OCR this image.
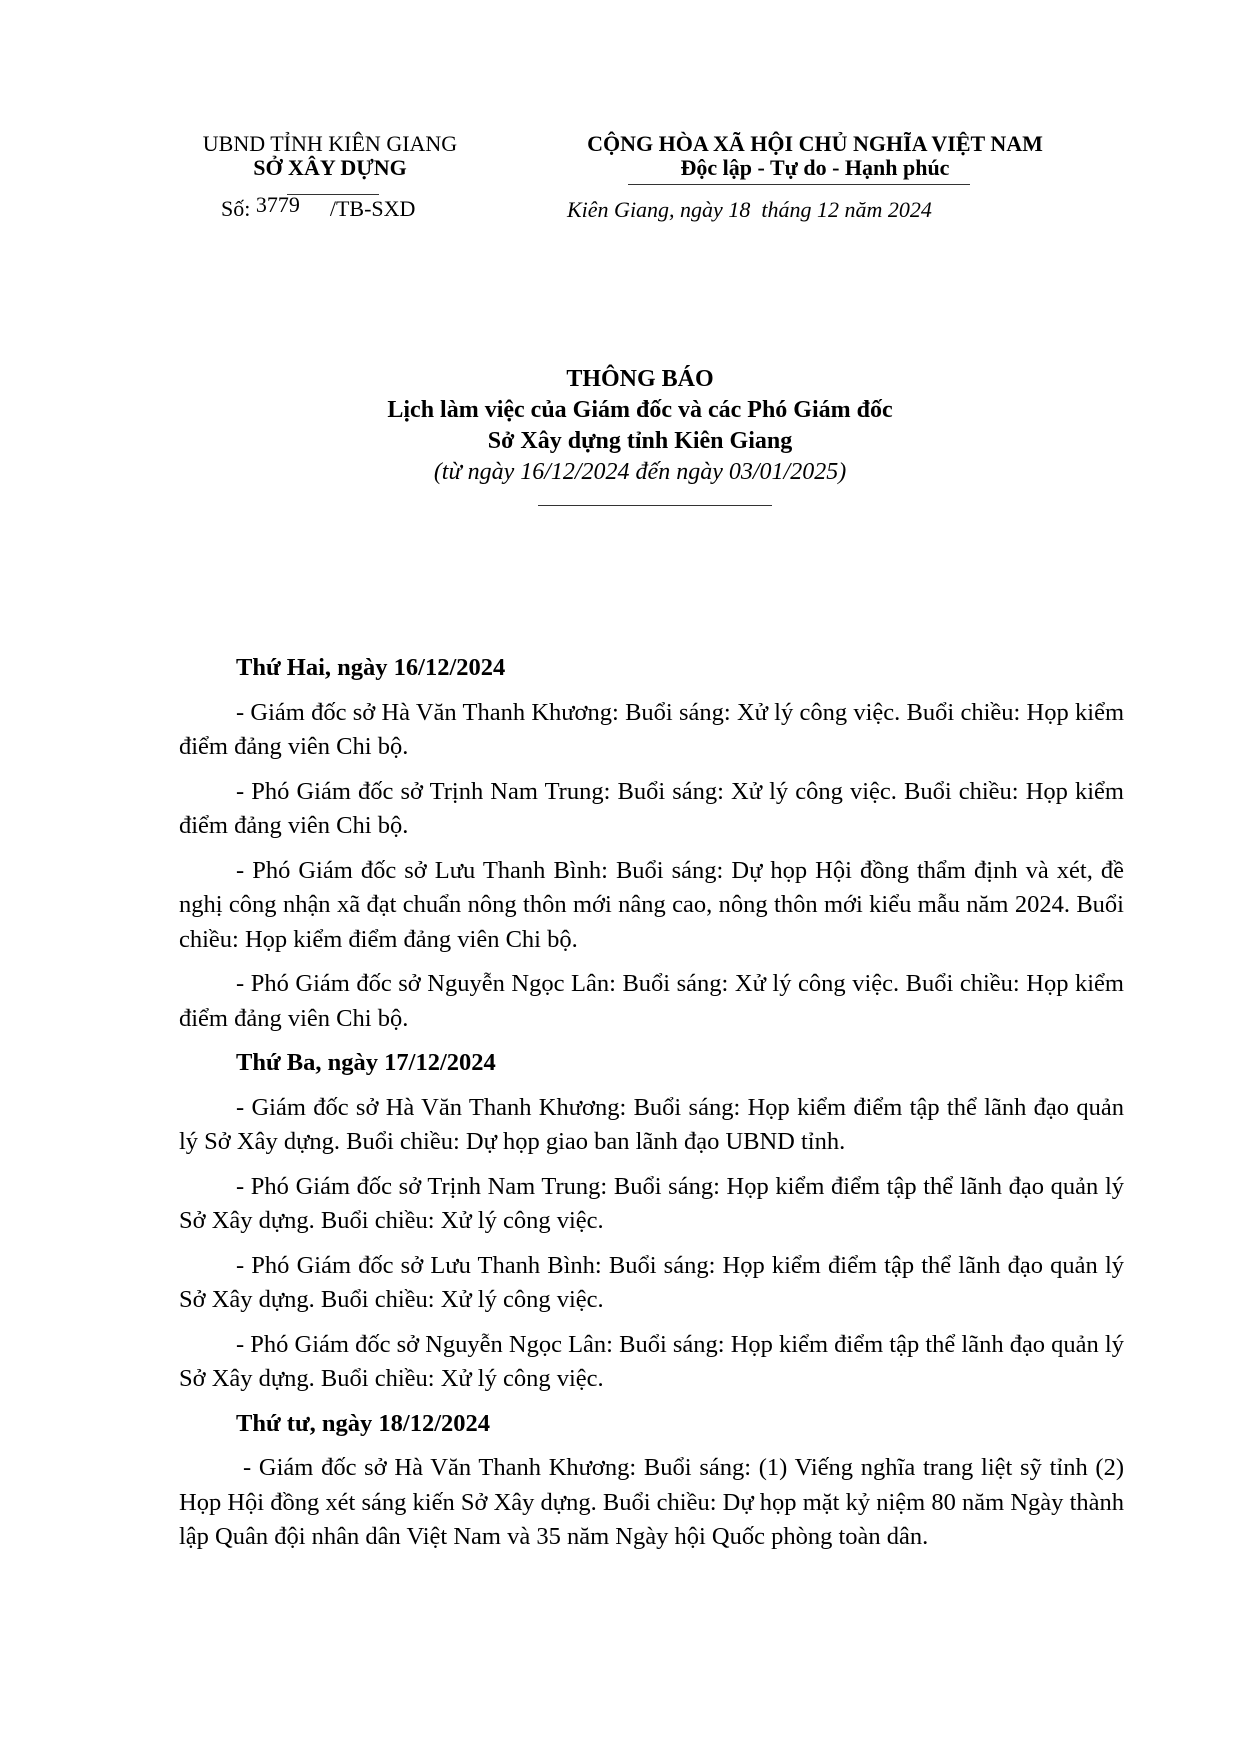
UBND TỈNH KIÊN GIANG
SỞ XÂY DỰNG
Số: 3779 /TB-SXD
CỘNG HÒA XÃ HỘI CHỦ NGHĨA VIỆT NAM
Độc lập - Tự do - Hạnh phúc
Kiên Giang, ngày 18 tháng 12 năm 2024
THÔNG BÁO
Lịch làm việc của Giám đốc và các Phó Giám đốc
Sở Xây dựng tỉnh Kiên Giang
(từ ngày 16/12/2024 đến ngày 03/01/2025)

Thứ Hai, ngày 16/12/2024

- Giám đốc sở Hà Văn Thanh Khương: Buổi sáng: Xử lý công việc. Buổi chiều: Họp kiểm điểm đảng viên Chi bộ.

- Phó Giám đốc sở Trịnh Nam Trung: Buổi sáng: Xử lý công việc. Buổi chiều: Họp kiểm điểm đảng viên Chi bộ.

- Phó Giám đốc sở Lưu Thanh Bình: Buổi sáng: Dự họp Hội đồng thẩm định và xét, đề nghị công nhận xã đạt chuẩn nông thôn mới nâng cao, nông thôn mới kiểu mẫu năm 2024. Buổi chiều: Họp kiểm điểm đảng viên Chi bộ.

- Phó Giám đốc sở Nguyễn Ngọc Lân: Buổi sáng: Xử lý công việc. Buổi chiều: Họp kiểm điểm đảng viên Chi bộ.

Thứ Ba, ngày 17/12/2024

- Giám đốc sở Hà Văn Thanh Khương: Buổi sáng: Họp kiểm điểm tập thể lãnh đạo quản lý Sở Xây dựng. Buổi chiều: Dự họp giao ban lãnh đạo UBND tỉnh.

- Phó Giám đốc sở Trịnh Nam Trung: Buổi sáng: Họp kiểm điểm tập thể lãnh đạo quản lý Sở Xây dựng. Buổi chiều: Xử lý công việc.

- Phó Giám đốc sở Lưu Thanh Bình: Buổi sáng: Họp kiểm điểm tập thể lãnh đạo quản lý Sở Xây dựng. Buổi chiều: Xử lý công việc.

- Phó Giám đốc sở Nguyễn Ngọc Lân: Buổi sáng: Họp kiểm điểm tập thể lãnh đạo quản lý Sở Xây dựng. Buổi chiều: Xử lý công việc.

Thứ tư, ngày 18/12/2024

- Giám đốc sở Hà Văn Thanh Khương: Buổi sáng: (1) Viếng nghĩa trang liệt sỹ tỉnh (2) Họp Hội đồng xét sáng kiến Sở Xây dựng. Buổi chiều: Dự họp mặt kỷ niệm 80 năm Ngày thành lập Quân đội nhân dân Việt Nam và 35 năm Ngày hội Quốc phòng toàn dân.
